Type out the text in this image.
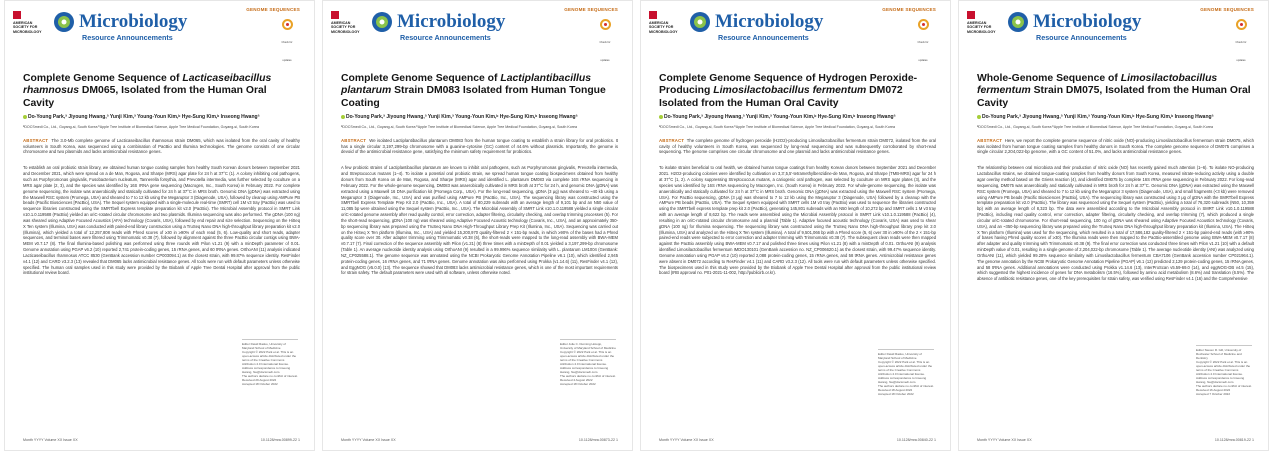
AMERICAN SOCIETY FOR MICROBIOLOGY	Microbiology
Resource Announcements
GENOME SEQUENCES
Check for updates
Complete Genome Sequence of Lacticaseibacillus rhamnosus DM065, Isolated from the Human Oral Cavity
Do-Young Park,ª Jiyoung Hwang,ª Yunji Kim,ª Young-Youn Kim,ᵇ Hye-Sung Kim,ᵇ Inseong Hwangª
ªDOCSmedi Co., Ltd., Goyang-si, South Korea ᵇApple Tree Institute of Biomedical Science, Apple Tree Medical Foundation, Goyang-si, South Korea
ABSTRACT The 3.0-Mb complete genome of Lacticaseibacillus rhamnosus strain DM065, which was isolated from the oral cavity of healthy volunteers in South Korea, was sequenced using a combination of PacBio and Illumina technologies. The genome consists of one circular chromosome and two plasmids and lacks antimicrobial resistance genes.
To establish an oral probiotic strain library, we obtained human tongue coating samples from healthy South Korean donors between September 2021 and December 2021, which were spread on a de Man, Rogosa, and Sharpe (MRS) agar plate for 24 h at 37°C (1). A colony inhibiting oral pathogens, such as Porphyromonas gingivalis, Fusobacterium nucleatum, Tannerella forsythia, and Prevotella intermedia, was further selected by coculture on a MRS agar plate (2, 3), and the species was identified by 16S rRNA gene sequencing (Macrogen, Inc., South Korea) in February 2022. For complete genome sequencing, the isolate was anaerobically and statically cultivated for 24 h at 37°C in MRS broth. Genomic DNA (gDNA) was extracted using the Maxwell RSC system (Promega, USA) and sheared to 7 to 12 kb using the Megaruptor 3 (Diagenode, USA), followed by cleanup using AMPure PB beads (Pacific Biosciences [PacBio], USA). The Sequel system equipped with a single-molecule real-time (SMRT) cell 1M v3 tray (PacBio) was used to sequence libraries constructed using the SMRTbell Express template preparation kit v2.0 (PacBio). The Microbial Assembly protocol in SMRT Link v10.1.0.119588 (PacBio) yielded an oriC-rotated circular chromosome and two plasmids. Illumina sequencing was also performed. The gDNA (100 ng) was sheared using Adaptive Focused Acoustics (AFA) technology (Covaris, USA), followed by end repair and size selection. Sequencing on the HiSeq X Ten system (Illumina, USA) was conducted with paired-end library construction using a TruSeq Nano DNA high-throughput library preparation kit v2.0 (Illumina), which yielded a total of 12,257,808 reads with Phred scores of ≥30 in ≥90% of each read (5, 6). Low-quality and short reads, adapter sequences, and terminal bases were filtered using Trimmomatic v0.38 (7), followed by alignment against the three PacBio circular contigs using BWA-MEM v0.7.17 (8). The final Illumina-based polishing was performed using three rounds with Pilon v1.21 (9) with a minDepth parameter of 0.01. Genome annotation using PGAP v6.2 (10) reported 2,741 protein-coding genes, 15 rRNA genes, and 60 tRNA genes. OrthoANI (11) analysis indicated Lacticaseibacillus rhamnosus ATCC 8530 (GenBank accession number CP003094.1) as the closest strain, with 99.87% sequence identity. ResFinder v4.1 (12) and CARD v3.2.3 (13) revealed that DM065 lacks antimicrobial resistance genes. All tools were run with default parameters unless otherwise specified. The human oral samples used in this study were provided by the Biobank of Apple Tree Dental Hospital after approval from the public institutional review board.
Editor David Rasko, University of Maryland School of Medicine
Copyright © 2022 Park et al. This is an open-access article distributed under the terms of the Creative Commons Attribution 4.0 International license.
Address correspondence to Inseong Hwang, hie@docsmedi.com.
The authors declare no conflict of interest.
Received 29 August 2022
Accepted 18 October 2022
Month YYYY Volume XX Issue XX	10.1128/mra.00899-22 1

AMERICAN SOCIETY FOR MICROBIOLOGY	Microbiology
Resource Announcements
GENOME SEQUENCES
Check for updates
Complete Genome Sequence of Lactiplantibacillus plantarum Strain DM083 Isolated from Human Tongue Coating
Do-Young Park,ª Jiyoung Hwang,ª Yunji Kim,ª Young-Youn Kim,ᵇ Hye-Sung Kim,ᵇ Inseong Hwangª
ªDOCSmedi Co., Ltd., Goyang-si, South Korea ᵇApple Tree Institute of Biomedical Science, Apple Tree Medical Foundation, Goyang-si, South Korea
ABSTRACT We isolated Lactiplantibacillus plantarum DM083 from the human tongue coating to establish a strain library for oral probiotics. It has a single circular 3,197,299-bp chromosome with a guanine-cytosine (GC) content of 44.6% without plasmids. Importantly, the genome is devoid of the antimicrobial resistance gene, satisfying the minimum safety requirement for probiotics.
A few probiotic strains of Lactiplantibacillus plantarum are known to inhibit oral pathogens, such as Porphyromonas gingivalis, Prevotella intermedia, and Streptococcus mutans (1–4). To isolate a potential oral probiotic strain, we spread human tongue coating biospecimens obtained from healthy donors from South Korea on de Man, Rogosa, and Sharpe (MRS) agar and identified L. plantarum DM083 via complete 16S rRNA sequencing in February 2022. For the whole-genome sequencing, DM083 was anaerobically cultivated in MRS broth at 37°C for 24 h, and genomic DNA (gDNA) was extracted using a Maxwell 16 DNA purification kit (Promega Corp., USA). For the long-read sequencing, gDNA (3 μg) was sheared to ~40 kb using a Megaruptor 3 (Diagenode, Inc., USA) and was purified using AMPure PB (PacBio, Inc., USA). The sequencing library was constructed using the SMRTbell Express Template Prep Kit 2.0 (PacBio, Inc., USA). A total of 80,229 subreads with an average length of 9,101 bp and an N50 value of 11,085 bp were obtained using the Sequel system (PacBio, Inc., USA). The Microbial Assembly of SMRT Link v10.1.0.119588 yielded a single circular oriC-rotated genome assembly after read quality control, error correction, adapter filtering, circularity checking, and overlap trimming processes (5). For the short-read sequencing, gDNA (100 ng) was sheared using Adaptive Focused Acoustic technology (Covaris, Inc., USA), and an approximately 350-bp sequencing library was prepared using the TruSeq Nano DNA High-Throughput Library Prep Kit (Illumina, Inc., USA). Sequencing was carried out on the HiSeq X Ten platform (Illumina, Inc., USA) and yielded 15,200,970 quality-filtered 2 × 151-bp reads, in which ≥90% of the bases had a Phred quality score over 30. After adapter trimming using Trimmomatic v0.38 (6), the short-reads were mapped to the long-read assembly with BWA-MEM v0.7.17 (7). Final correction of the sequence assembly with Pilon (v1.21) (8) three times with a minDepth of 0.01 yielded a 3,197,299-bp chromosome (Table 1). An average nucleotide identity analysis using OrthoANI (9) resulted in a 99.996% sequence similarity with L. plantarum LM1004 (GenBank: NZ_CP025588.1). The genome sequence was annotated using the NCBI Prokaryotic Genome Annotation Pipeline v6.1 (10), which identified 2,945 protein-coding genes, 16 rRNA genes, and 71 tRNA genes. Genome annotation was also performed using Prokka (v1.14.6) (11), ResFinder v4.1 (12), and EggNOG (v5.0.0) (13). The sequence showed that DM083 lacks antimicrobial resistance genes, which is one of the most important requirements for strain safety. The default parameters were used with all software, unless otherwise noted.
Editor Julie C. Dunning Hotopp, University of Maryland School of Medicine
Copyright © 2022 Park et al. This is an open-access article distributed under the terms of the Creative Commons Attribution 4.0 International license.
Address correspondence to Inseong Hwang, hie@docsmedi.com.
The authors declare no conflict of interest.
Received 4 August 2022
Accepted 18 October 2022
Month YYYY Volume XX Issue XX	10.1128/mra.00873-22 1

AMERICAN SOCIETY FOR MICROBIOLOGY	Microbiology
Resource Announcements
GENOME SEQUENCES
Check for updates
Complete Genome Sequence of Hydrogen Peroxide-Producing Limosilactobacillus fermentum DM072 Isolated from the Human Oral Cavity
Do-Young Park,ª Jiyoung Hwang,ª Yunji Kim,ª Young-Youn Kim,ᵇ Hye-Sung Kim,ᵇ Inseong Hwangª
ªDOCSmedi Co., Ltd., Goyang-si, South Korea ᵇApple Tree Institute of Biomedical Science, Apple Tree Medical Foundation, Goyang-si, South Korea
ABSTRACT The complete genome of hydrogen peroxide (H2O2)-producing Limosilactobacillus fermentum strain DM072, isolated from the oral cavity of healthy volunteers in South Korea, was sequenced by long-read sequencing and was subsequently corroborated by short-read sequencing. The genome comprises one circular chromosome and one plasmid and lacks antimicrobial resistance genes.
To isolate strains beneficial to oral health, we obtained human tongue coatings from healthy Korean donors between September 2021 and December 2021. H2O2-producing colonies were identified by cultivation on 3,3',5,5'-tetramethylbenzidine-de Man, Rogosa, and Sharpe (TMB-MRS) agar for 24 h at 37°C (1, 2). A colony suppressing Streptococcus mutans, a cariogenic oral pathogen, was selected by coculture on MRS agar plates (3), and the species was identified by 16S rRNA sequencing by Macrogen, Inc. (South Korea) in February 2022. For whole-genome sequencing, the isolate was anaerobically and statically cultivated for 24 h at 37°C in MRS broth. Genomic DNA (gDNA) was extracted using the Maxwell RSC system (Promega, USA). For PacBio sequencing, gDNA (3 μg) was sheared to 7 to 12 kb using the Megaruptor 3 (Diagenode, USA) followed by a cleanup with the AMPure PB beads (PacBio, USA). The Sequel system equipped with SMRT cells 1M v3 tray (PacBio) was used to sequence the libraries constructed using the SMRTbell express template prep kit 2.0 (PacBio), generating 145,801 subreads with an N50 length of 10,272 bp and SMRT cells 1 M v3 tray with an average length of 8,622 bp. The reads were assembled using the Microbial Assembly protocol in SMRT Link v10.1.0.119588 (PacBio) (4), resulting in an oriC-rotated circular chromosome and a plasmid (Table 1). Adaptive focused acoustic technology (Covaris, USA) was used to shear gDNA (100 ng) for Illumina sequencing. The sequencing library was constructed using the TruSeq Nano DNA high-throughput library prep kit 2.0 (Illumina, USA) and analyzed on the HiSeq X Ten system (Illumina). A total of 9,501,066 bp with a Phred score (5, 6) over 30 in ≥90% of the 2 × 151-bp paired-end reads were subjected to error correction and adapter trimming with Trimmomatic v0.38 (7). The subsequent clean reads were then mapped against the PacBio assembly using BWA-MEM v0.7.17 and polished three times using Pilon v1.21 (8) with a minDepth of 0.01. OrthoANI (9) analysis identified Limosilactobacillus fermentum IMDO130101 (GenBank accession no. NZ_CP006620.1) as the closest strain, with 99.47% sequence identity. Genome annotation using PGAP v6.2 (10) reported 2,088 protein-coding genes, 15 rRNA genes, and 58 tRNA genes. Antimicrobial resistance genes were absent in DM072 according to ResFinder v4.1 (11) and CARD v3.2.3 (12). All tools were run with default parameters unless otherwise specified. The biospecimens used in this study were provided by the Biobank of Apple Tree Dental Hospital after approval from the public institutional review board (IRB approval no. P01-2021-11-002, http://publicirb.or.kr).
Editor David Rasko, University of Maryland School of Medicine
Copyright © 2022 Park et al. This is an open-access article distributed under the terms of the Creative Commons Attribution 4.0 International license.
Address correspondence to Inseong Hwang, hie@docsmedi.com.
The authors declare no conflict of interest.
Received 18 August 2022
Accepted 18 October 2022
Month YYYY Volume XX Issue XX	10.1128/mra.00840-22 1

AMERICAN SOCIETY FOR MICROBIOLOGY	Microbiology
Resource Announcements
GENOME SEQUENCES
Check for updates
Whole-Genome Sequence of Limosilactobacillus fermentum Strain DM075, Isolated from the Human Oral Cavity
Do-Young Park,ª Jiyoung Hwang,ª Yunji Kim,ª Young-Youn Kim,ᵇ Hye-Sung Kim,ᵇ Inseong Hwangª
ªDOCSmedi Co., Ltd., Goyang-si, South Korea ᵇApple Tree Institute of Biomedical Science, Apple Tree Medical Foundation, Goyang-si, South Korea
ABSTRACT Here, we report the complete genome sequence of nitric oxide (NO)-producing Limosilactobacillus fermentum strain DM075, which was isolated from human tongue coating samples from healthy donors in South Korea. The complete genome sequence of DM075 comprises a single circular 2,204,022-bp genome, with a GC content of 51.0%, and lacks antimicrobial resistance genes.
The relationship between oral microbiota and their production of nitric oxide (NO) has recently gained much attention (1–6). To isolate NO-producing Lactobacillus strains, we obtained tongue-coating samples from healthy donors from South Korea, measured nitrate-reducing activity using a double agar overlay method based on the Griess reaction (4), and identified DM075 by complete 16S rRNA gene sequencing in February 2022. For long-read sequencing, DM075 was anaerobically and statically cultivated in MRS broth for 24 h at 37°C. Genomic DNA (gDNA) was extracted using the Maxwell RSC system (Promega, USA) and sheared to 7 to 12 kb using the Megaruptor 3 system (Diagenode, USA), and small fragments (<3 kb) were removed using AMPure PB beads (Pacific Biosciences [PacBio], USA). The sequencing library was constructed using 3 μg of gDNA with the SMRTbell Express template preparation kit v2.0 (PacBio). The library was sequenced using the Sequel system (PacBio), yielding a total of 76,320 subreads (N50, 10,359 bp) with an average length of 8,323 bp. The data were assembled according to the Microbial Assembly protocol in SMRT Link v10.1.0.119588 (PacBio), including read quality control, error correction, adapter filtering, circularity checking, and overlap trimming (7), which produced a single circular oriC-rotated chromosome. For short-read sequencing, 100 ng of gDNA was sheared using Adaptive Focused Acoustics technology (Covaris, USA), and an ~350-bp sequencing library was prepared using the TruSeq Nano DNA high-throughput library preparation kit (Illumina, USA). The HiSeq X Ten platform (Illumina) was used for the sequencing, which resulted in a total of 17,586,182 quality-filtered 2 × 151-bp paired-end reads (with ≥90% of bases having Phred quality scores of ≥30). The Illumina reads were then mapped to the PacBio-assembled genome using BWA-MEM v0.7.17 (8) after adapter and quality trimming with Trimmomatic v0.38 (9). The final error correction was conducted three times with Pilon v1.21 (10) with a default minDepth value of 0.01, resulting in a single genome of 2,204,022-bp chromosome (Table 1). The average nucleotide identity (ANI) was analyzed using OrthoANI (11), which yielded 99.28% sequence similarity with Limosilactobacillus fermentum CBA7106 (GenBank accession number CP021964.1). The genome annotation by the NCBI Prokaryotic Genome Annotation Pipeline (PGAP) v6.1 (12) predicted 2,129 protein-coding genes, 15 rRNA genes, and 58 tRNA genes. Additional annotations were conducted using Prokka v1.14.6 (13), InterProScan v5.59-69.0 (14), and eggNOG-DB v4.5 (15), which suggested the highest incidence of genes for DNA metabolism (16.5%), followed by amino acid metabolism (8.6%) and translation (6.5%). The absence of antibiotic resistance genes, one of the key prerequisites for strain safety, was verified using ResFinder v4.1 (16) and the Comprehensive
Editor Steven R. Gill, University of Rochester School of Medicine and Dentistry
Copyright © 2022 Park et al. This is an open-access article distributed under the terms of the Creative Commons Attribution 4.0 International license.
Address correspondence to Inseong Hwang, hie@docsmedi.com.
The authors declare no conflict of interest.
Received 16 August 2022
Accepted 7 October 2022
Month YYYY Volume XX Issue XX	10.1128/mra.00819-22 1
